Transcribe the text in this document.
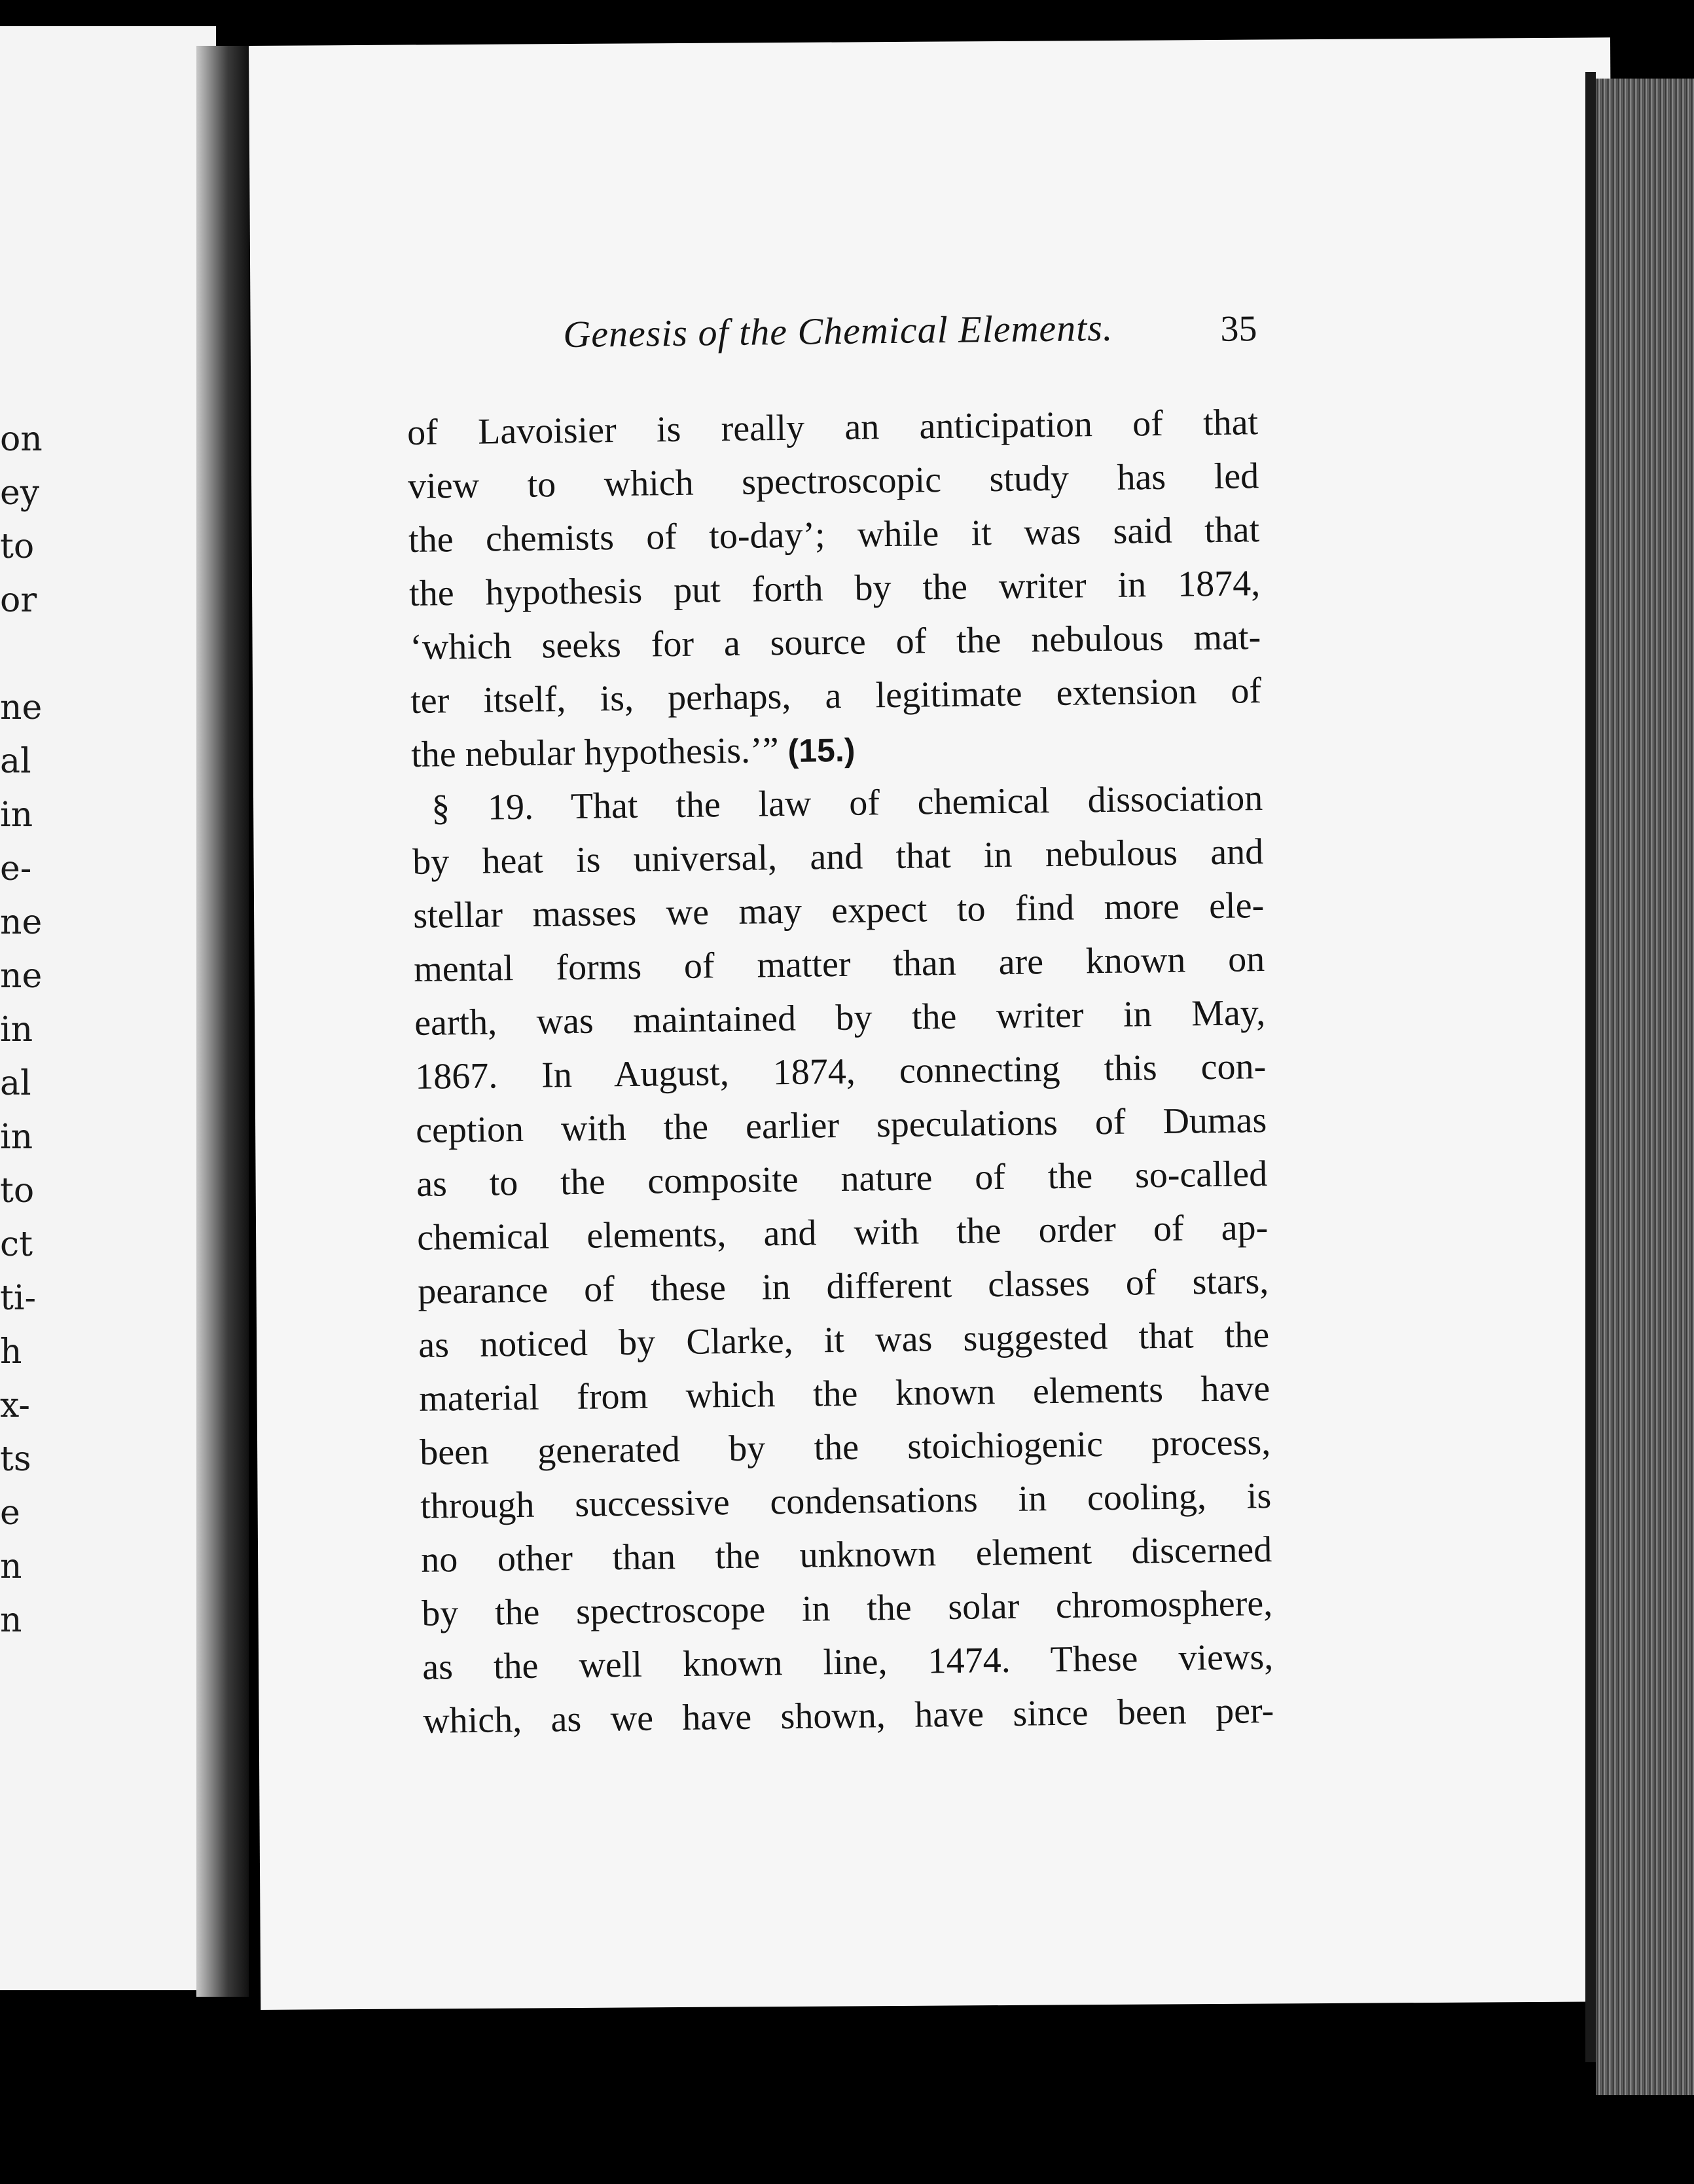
on
ey
to
or
ne
al
in
e-
ne
ne
in
al
in
to
ct
ti-
h
x-
ts
e
n
n
Genesis of the Chemical Elements.	35
of Lavoisier is really an anticipation of that
view to which spectroscopic study has led
the chemists of to-day’; while it was said that
the hypothesis put forth by the writer in 1874,
‘which seeks for a source of the nebulous mat-
ter itself, is, perhaps, a legitimate extension of
the nebular hypothesis.’” (15.)
§ 19. That the law of chemical dissociation
by heat is universal, and that in nebulous and
stellar masses we may expect to find more ele-
mental forms of matter than are known on
earth, was maintained by the writer in May,
1867. In August, 1874, connecting this con-
ception with the earlier speculations of Dumas
as to the composite nature of the so-called
chemical elements, and with the order of ap-
pearance of these in different classes of stars,
as noticed by Clarke, it was suggested that the
material from which the known elements have
been generated by the stoichiogenic process,
through successive condensations in cooling, is
no other than the unknown element discerned
by the spectroscope in the solar chromosphere,
as the well known line, 1474. These views,
which, as we have shown, have since been per-
